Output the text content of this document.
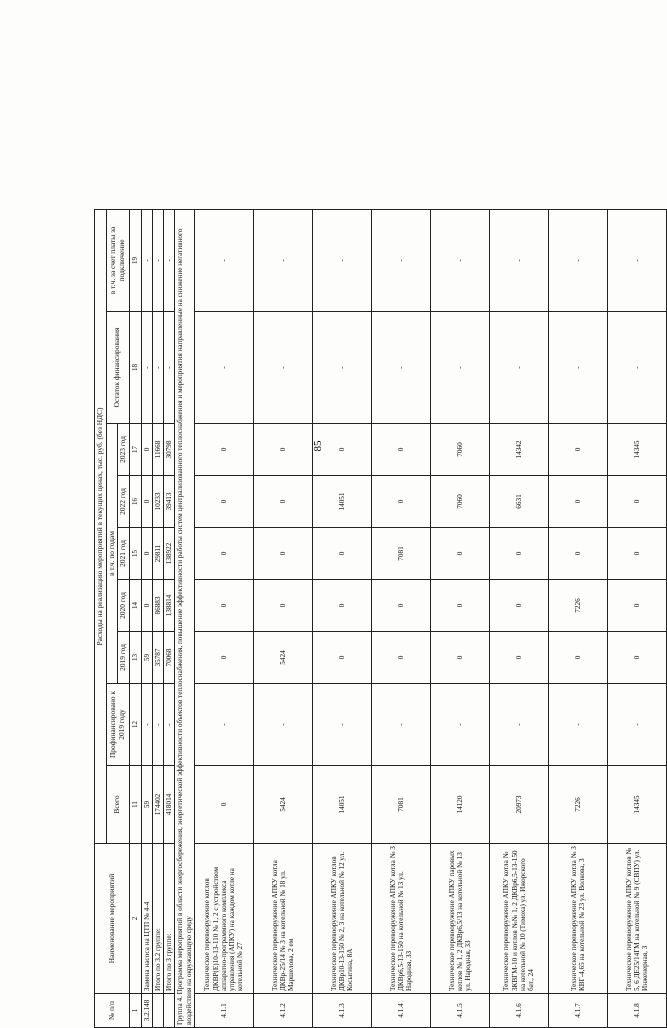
85
№ п/п	Наименование мероприятий	Расходы на реализацию мероприятий в текущих ценах, тыс. руб. (без НДС)								
		Всего	Профинансировано к 2019 году	в т.ч. по годам					Остаток финансирования	в т.ч. за счет платы за подключение
				2019 год	2020 год	2021 год	2022 год	2023 год		
1	2	11	12	13	14	15	16	17	18	19
3.2.148	Замена насоса на ЦТП № 4-4	59	-	59	0	0	0	0	-	-
	Итого по 3.2 группе:	174402	-	35787	86883	29811	10233	11668	-	-
	Итого по 3 группе:	418014	-	70068	138814	138922	39413	30798	-	-
Группа 4. Программа мероприятий в области энергосбережения, энергетической эффективности объектов теплоснабжения, повышение эффективности работы систем централизованного теплоснабжения и мероприятия направленные на снижение негативного воздействия на окружающую среду										
4.1.1	Техническое перевооружение котлов ДКВР(Е)10-13-110 № 1, 2 с устройством аппаратно-программного комплекса управления (АПКУ) на каждом котле на котельной № 27	0	-	0	0	0	0	0	-	-
4.1.2	Техническое перевооружение АПКУ котла ДКВр-25/14 № 3 на котельной № 18 ул. Маршелова, 2 ем	5424	-	5424	0	0	0	0	-	-
4.1.3	Техническое перевооружение АПКУ котлов ДКВр10-13-150 № 2, 3 на котельной № 12 ул. Косыгина, 8А	14051	-	0	0	0	14051	0	-	-
4.1.4	Техническое перевооружение АПКУ котла № 3 ДКВр6,5-13-150 на котельной № 13 ул. Народная, 33	7081	-	0	0	7081	0	0	-	-
4.1.5	Техническое перевооружение АПКУ паровых котлов № 1, 2 ДКВр6,5/13 на котельной № 13 ул. Народная, 33	14120	-	0	0	0	7060	7060	-	-
4.1.6	Техническое перевооружение АПКУ котла № 3КВГМ-10 и котлов №№ 1, 2 ДКВр6,5-13-150 на котельной № 10 (Тимоха) ул. Ижорского бат., 24	20973	-	0	0	0	6631	14342	-	-
4.1.7	Техническое перевооружение АПКУ котла № 3 КВГ-4,65 на котельной № 23 ул. Волкова, 3	7226	-	0	7226	0	0	0	-	-
4.1.8	Техническое перевооружение АПКУ котлов № 5, 6 ДЕ25/14ГМ на котельной № 9 (СВПУ) ул. Инженерная, 3	14345	-	0	0	0	0	14345	-	-
